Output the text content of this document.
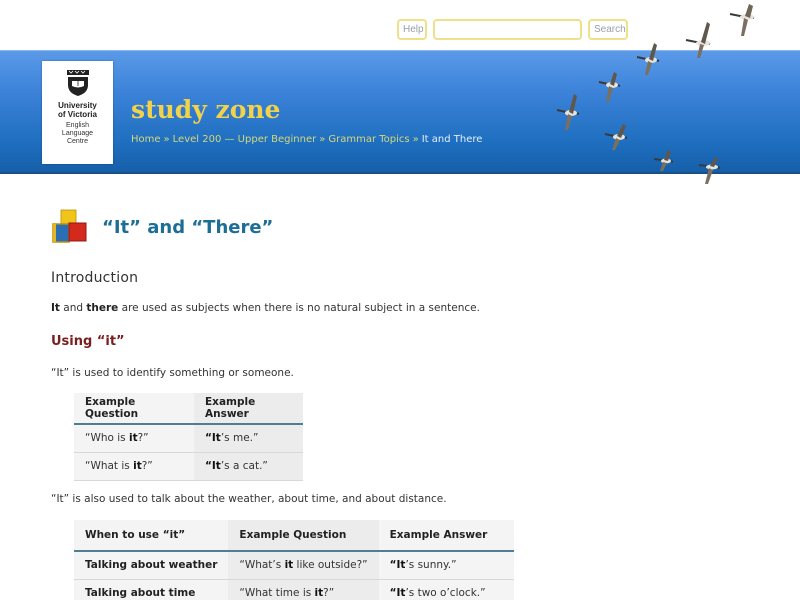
Help	Search
University
of Victoria
English
Language
Centre
study zone
Home » Level 200 — Upper Beginner » Grammar Topics » It and There
“It” and “There”
Introduction

It and there are used as subjects when there is no natural subject in a sentence.

Using “it”

“It” is used to identify something or someone.

Example Question	Example Answer
“Who is it?”	“It’s me.”
“What is it?”	“It’s a cat.”

“It” is also used to talk about the weather, about time, and about distance.

When to use “it”	Example Question	Example Answer
Talking about weather	“What’s it like outside?”	“It’s sunny.”
Talking about time	“What time is it?”	“It’s two o’clock.”
